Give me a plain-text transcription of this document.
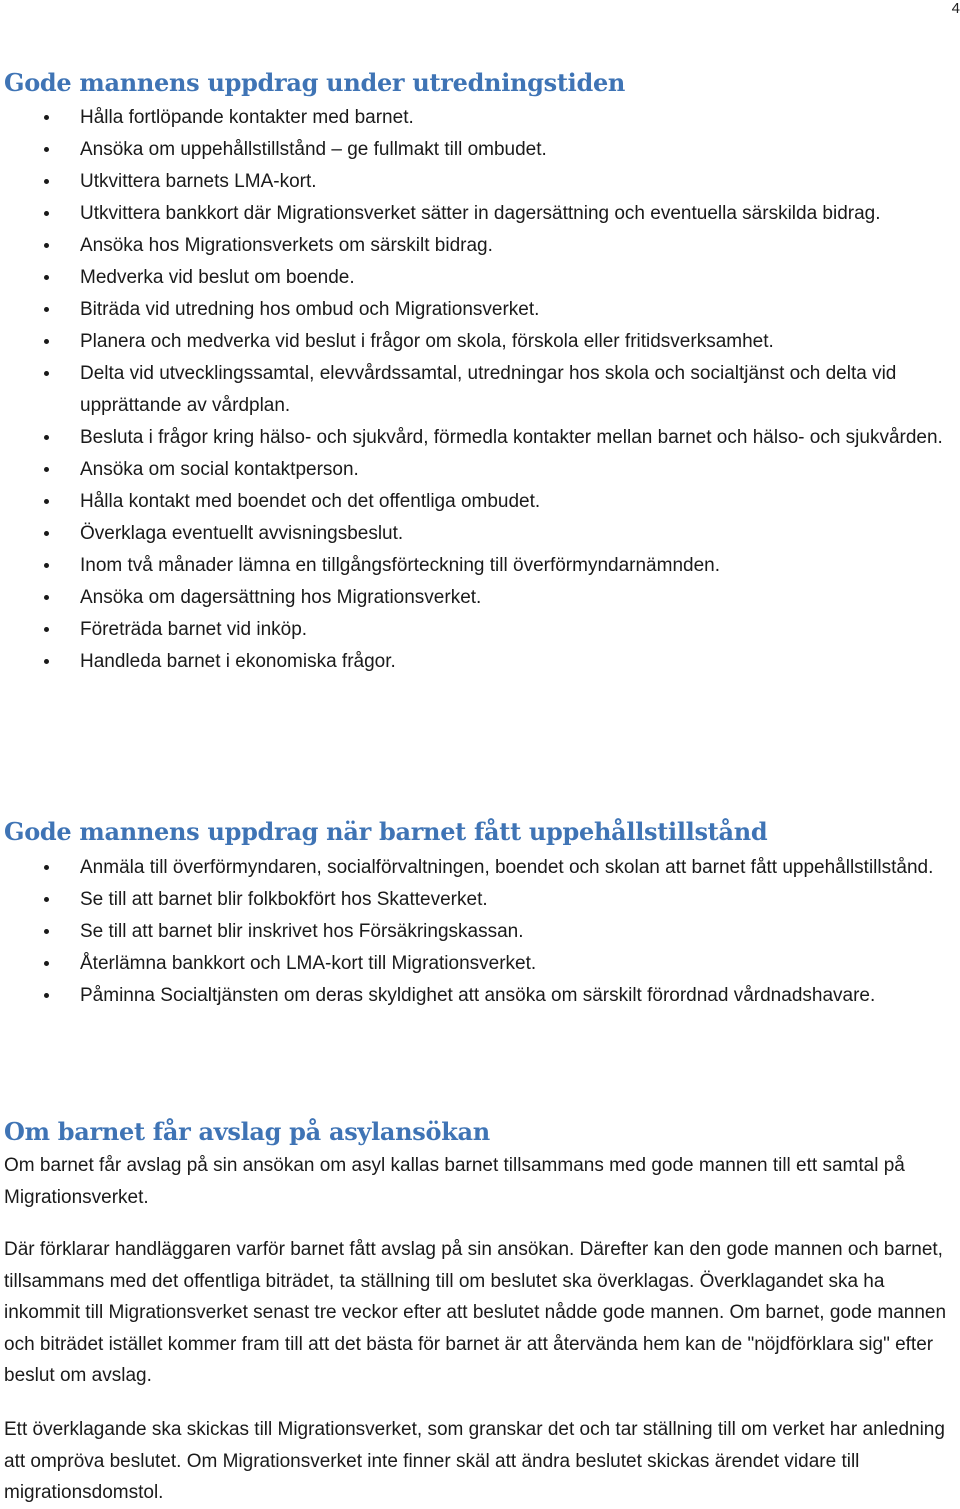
4
Gode mannens uppdrag under utredningstiden
Hålla fortlöpande kontakter med barnet.
Ansöka om uppehållstillstånd – ge fullmakt till ombudet.
Utkvittera barnets LMA-kort.
Utkvittera bankkort där Migrationsverket sätter in dagersättning och eventuella särskilda bidrag.
Ansöka hos Migrationsverkets om särskilt bidrag.
Medverka vid beslut om boende.
Biträda vid utredning hos ombud och Migrationsverket.
Planera och medverka vid beslut i frågor om skola, förskola eller fritidsverksamhet.
Delta vid utvecklingssamtal, elevvårdssamtal, utredningar hos skola och socialtjänst och delta vid upprättande av vårdplan.
Besluta i frågor kring hälso- och sjukvård, förmedla kontakter mellan barnet och hälso- och sjukvården.
Ansöka om social kontaktperson.
Hålla kontakt med boendet och det offentliga ombudet.
Överklaga eventuellt avvisningsbeslut.
Inom två månader lämna en tillgångsförteckning till överförmyndarnämnden.
Ansöka om dagersättning hos Migrationsverket.
Företräda barnet vid inköp.
Handleda barnet i ekonomiska frågor.
Gode mannens uppdrag när barnet fått uppehållstillstånd
Anmäla till överförmyndaren, socialförvaltningen, boendet och skolan att barnet fått uppehållstillstånd.
Se till att barnet blir folkbokfört hos Skatteverket.
Se till att barnet blir inskrivet hos Försäkringskassan.
Återlämna bankkort och LMA-kort till Migrationsverket.
Påminna Socialtjänsten om deras skyldighet att ansöka om särskilt förordnad vårdnadshavare.
Om barnet får avslag på asylansökan

Om barnet får avslag på sin ansökan om asyl kallas barnet tillsammans med gode mannen till ett samtal på Migrationsverket.

Där förklarar handläggaren varför barnet fått avslag på sin ansökan. Därefter kan den gode mannen och barnet, tillsammans med det offentliga biträdet, ta ställning till om beslutet ska överklagas. Överklagandet ska ha inkommit till Migrationsverket senast tre veckor efter att beslutet nådde gode mannen. Om barnet, gode mannen och biträdet istället kommer fram till att det bästa för barnet är att återvända hem kan de "nöjdförklara sig" efter beslut om avslag.

Ett överklagande ska skickas till Migrationsverket, som granskar det och tar ställning till om verket har anledning att ompröva beslutet. Om Migrationsverket inte finner skäl att ändra beslutet skickas ärendet vidare till migrationsdomstol.
